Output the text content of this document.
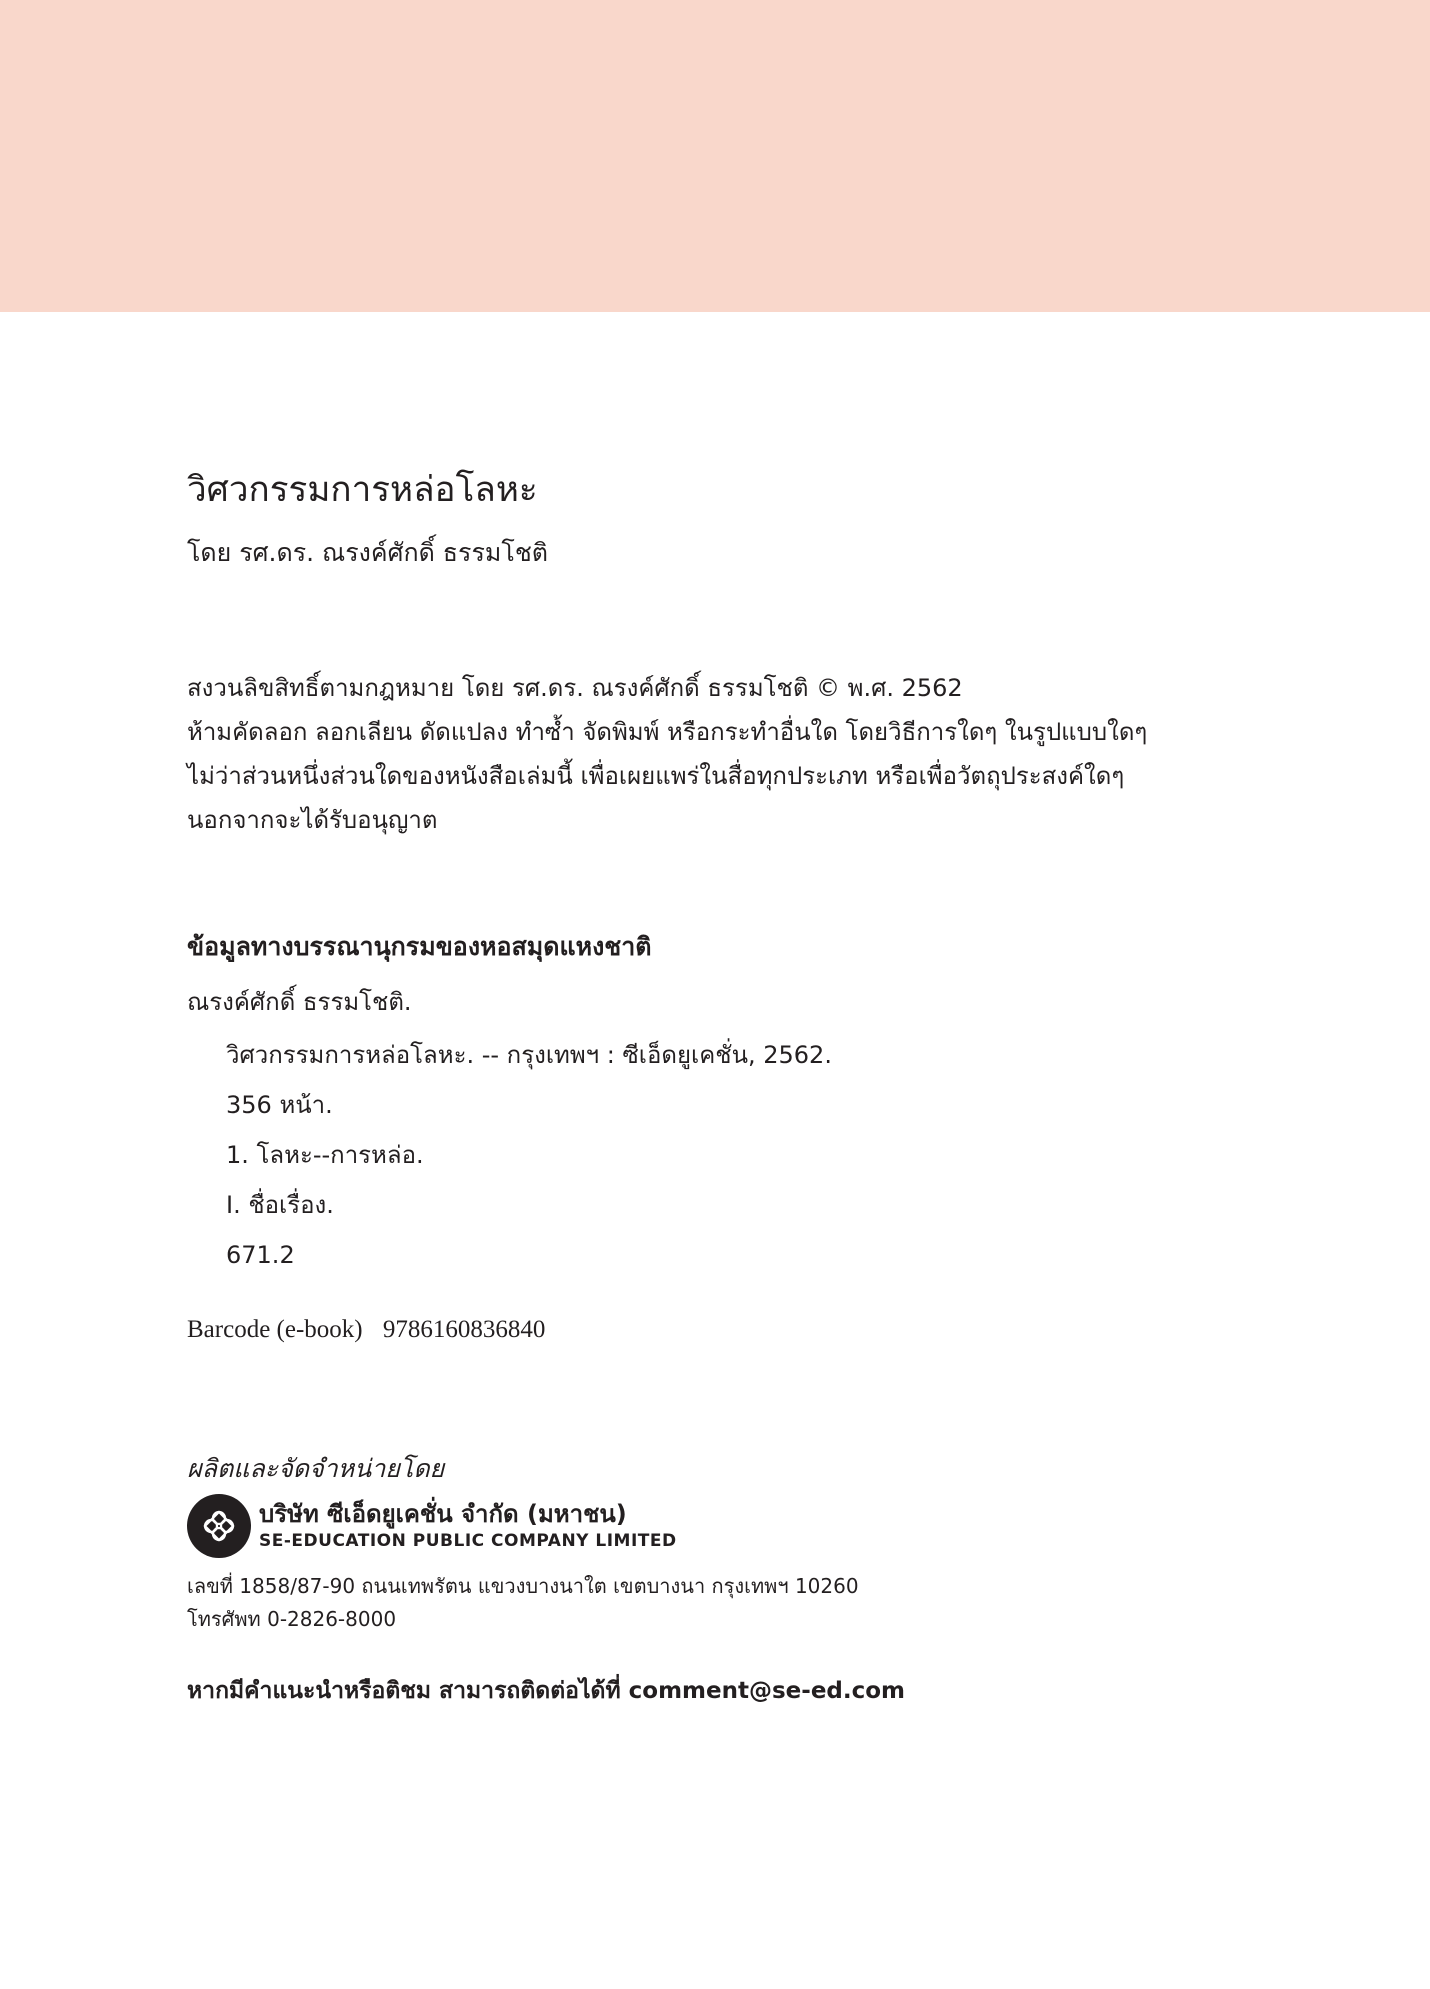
วิศวกรรมการหล่อโลหะ
โดย รศ.ดร. ณรงค์ศักดิ์ ธรรมโชติ
สงวนลิขสิทธิ์ตามกฎหมาย โดย รศ.ดร. ณรงค์ศักดิ์ ธรรมโชติ © พ.ศ. 2562
ห้ามคัดลอก ลอกเลียน ดัดแปลง ทำซ้ำ จัดพิมพ์ หรือกระทำอื่นใด โดยวิธีการใดๆ ในรูปแบบใดๆ
ไม่ว่าส่วนหนึ่งส่วนใดของหนังสือเล่มนี้ เพื่อเผยแพร่ในสื่อทุกประเภท หรือเพื่อวัตถุประสงค์ใดๆ
นอกจากจะได้รับอนุญาต
ข้อมูลทางบรรณานุกรมของหอสมุดแหงชาติ
ณรงค์ศักดิ์ ธรรมโชติ.
วิศวกรรมการหล่อโลหะ. -- กรุงเทพฯ : ซีเอ็ดยูเคชั่น, 2562.
356 หน้า.
1. โลหะ--การหล่อ.
I. ชื่อเรื่อง.
671.2
Barcode (e-book) 9786160836840
ผลิตและจัดจำหน่ายโดย
บริษัท ซีเอ็ดยูเคชั่น จำกัด (มหาชน)
SE-EDUCATION PUBLIC COMPANY LIMITED
เลขที่ 1858/87-90 ถนนเทพรัตน แขวงบางนาใต เขตบางนา กรุงเทพฯ 10260
โทรศัพท 0-2826-8000
หากมีคำแนะนำหรือติชม สามารถติดต่อได้ที่ comment@se-ed.com
